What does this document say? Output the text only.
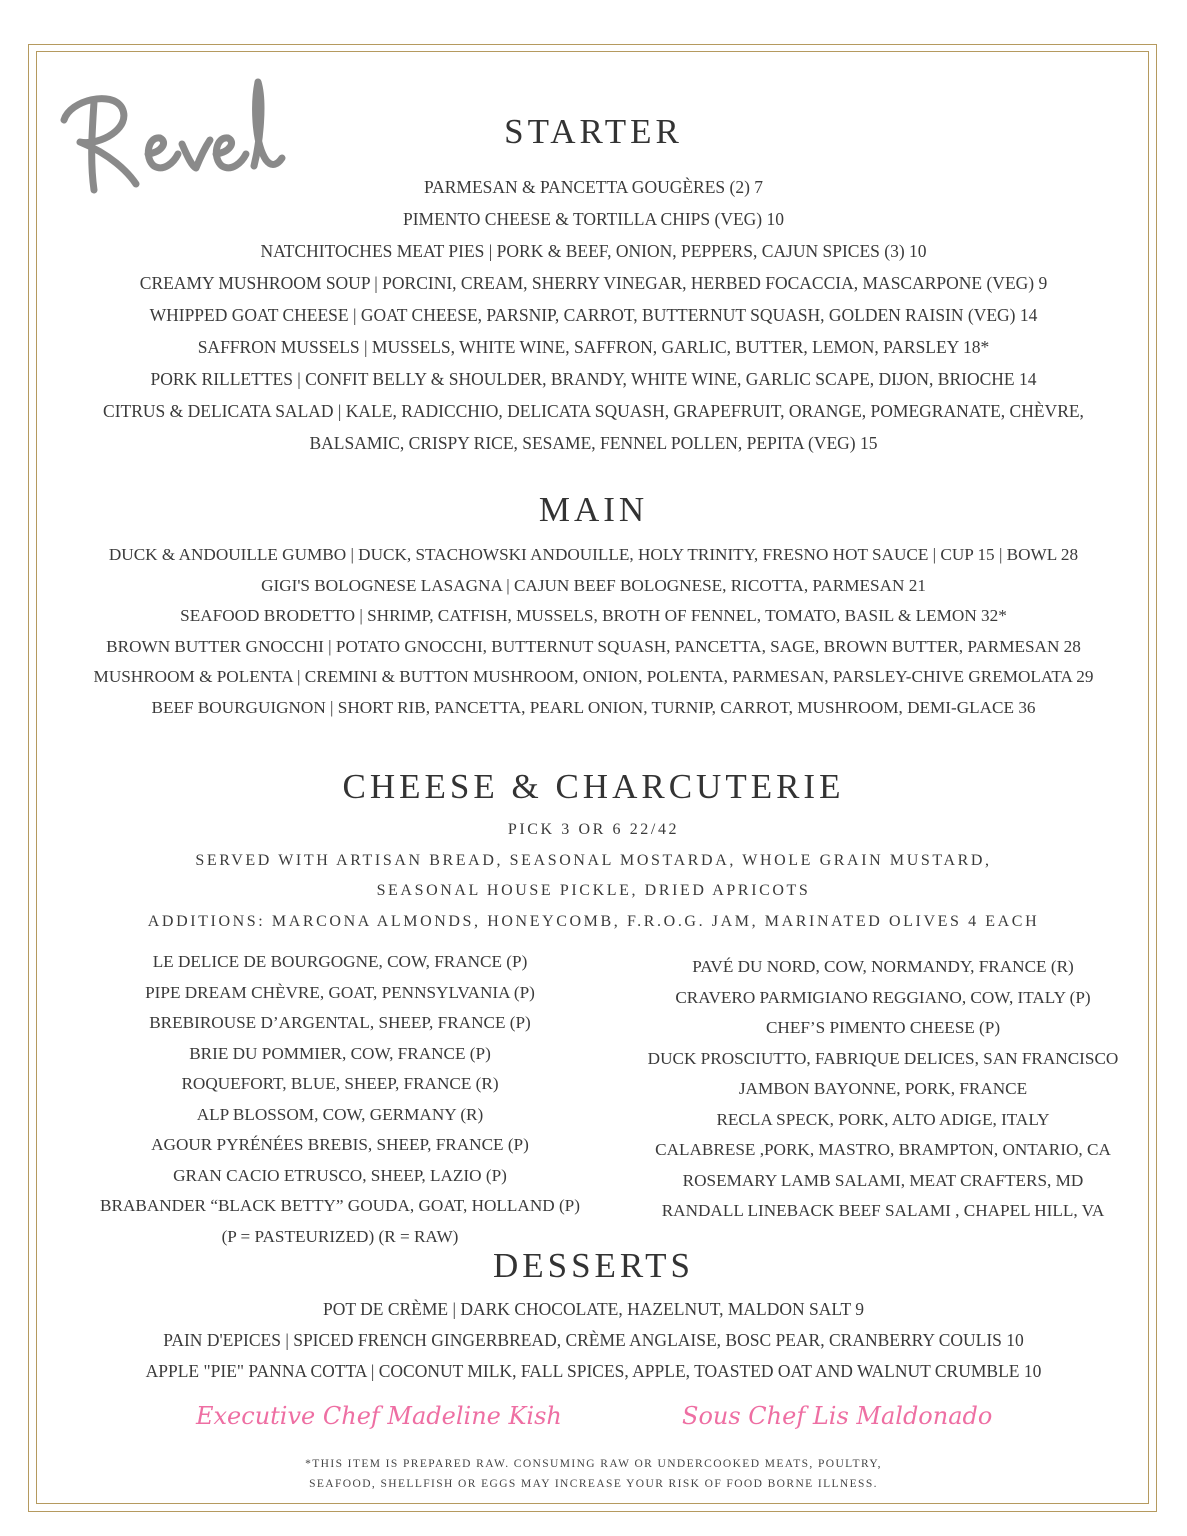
STARTER
PARMESAN & PANCETTA GOUGÈRES (2) 7
PIMENTO CHEESE & TORTILLA CHIPS (VEG) 10
NATCHITOCHES MEAT PIES | PORK & BEEF, ONION, PEPPERS, CAJUN SPICES (3) 10
CREAMY MUSHROOM SOUP | PORCINI, CREAM, SHERRY VINEGAR, HERBED FOCACCIA, MASCARPONE (VEG) 9
WHIPPED GOAT CHEESE | GOAT CHEESE, PARSNIP, CARROT, BUTTERNUT SQUASH, GOLDEN RAISIN (VEG) 14
SAFFRON MUSSELS | MUSSELS, WHITE WINE, SAFFRON, GARLIC, BUTTER, LEMON, PARSLEY 18*
PORK RILLETTES | CONFIT BELLY & SHOULDER, BRANDY, WHITE WINE, GARLIC SCAPE, DIJON, BRIOCHE 14
CITRUS & DELICATA SALAD | KALE, RADICCHIO, DELICATA SQUASH, GRAPEFRUIT, ORANGE, POMEGRANATE, CHÈVRE,
BALSAMIC, CRISPY RICE, SESAME, FENNEL POLLEN, PEPITA (VEG) 15
MAIN
DUCK & ANDOUILLE GUMBO | DUCK, STACHOWSKI ANDOUILLE, HOLY TRINITY, FRESNO HOT SAUCE | CUP 15 | BOWL 28
GIGI'S BOLOGNESE LASAGNA | CAJUN BEEF BOLOGNESE, RICOTTA, PARMESAN 21
SEAFOOD BRODETTO | SHRIMP, CATFISH, MUSSELS, BROTH OF FENNEL, TOMATO, BASIL & LEMON 32*
BROWN BUTTER GNOCCHI | POTATO GNOCCHI, BUTTERNUT SQUASH, PANCETTA, SAGE, BROWN BUTTER, PARMESAN 28
MUSHROOM & POLENTA | CREMINI & BUTTON MUSHROOM, ONION, POLENTA, PARMESAN, PARSLEY-CHIVE GREMOLATA 29
BEEF BOURGUIGNON | SHORT RIB, PANCETTA, PEARL ONION, TURNIP, CARROT, MUSHROOM, DEMI-GLACE 36
CHEESE & CHARCUTERIE
PICK 3 OR 6 22/42
SERVED WITH ARTISAN BREAD, SEASONAL MOSTARDA, WHOLE GRAIN MUSTARD,
SEASONAL HOUSE PICKLE, DRIED APRICOTS
ADDITIONS: MARCONA ALMONDS, HONEYCOMB, F.R.O.G. JAM, MARINATED OLIVES 4 EACH
LE DELICE DE BOURGOGNE, COW, FRANCE (P)
PIPE DREAM CHÈVRE, GOAT, PENNSYLVANIA (P)
BREBIROUSE D’ARGENTAL, SHEEP, FRANCE (P)
BRIE DU POMMIER, COW, FRANCE (P)
ROQUEFORT, BLUE, SHEEP, FRANCE (R)
ALP BLOSSOM, COW, GERMANY (R)
AGOUR PYRÉNÉES BREBIS, SHEEP, FRANCE (P)
GRAN CACIO ETRUSCO, SHEEP, LAZIO (P)
BRABANDER “BLACK BETTY” GOUDA, GOAT, HOLLAND (P)
(P = PASTEURIZED) (R = RAW)
PAVÉ DU NORD, COW, NORMANDY, FRANCE (R)
CRAVERO PARMIGIANO REGGIANO, COW, ITALY (P)
CHEF’S PIMENTO CHEESE (P)
DUCK PROSCIUTTO, FABRIQUE DELICES, SAN FRANCISCO
JAMBON BAYONNE, PORK, FRANCE
RECLA SPECK, PORK, ALTO ADIGE, ITALY
CALABRESE ,PORK, MASTRO, BRAMPTON, ONTARIO, CA
ROSEMARY LAMB SALAMI, MEAT CRAFTERS, MD
RANDALL LINEBACK BEEF SALAMI , CHAPEL HILL, VA
DESSERTS
POT DE CRÈME | DARK CHOCOLATE, HAZELNUT, MALDON SALT 9
PAIN D'EPICES | SPICED FRENCH GINGERBREAD, CRÈME ANGLAISE, BOSC PEAR, CRANBERRY COULIS 10
APPLE "PIE" PANNA COTTA | COCONUT MILK, FALL SPICES, APPLE, TOASTED OAT AND WALNUT CRUMBLE 10
Executive Chef Madeline Kish	Sous Chef Lis Maldonado
*THIS ITEM IS PREPARED RAW. CONSUMING RAW OR UNDERCOOKED MEATS, POULTRY,
SEAFOOD, SHELLFISH OR EGGS MAY INCREASE YOUR RISK OF FOOD BORNE ILLNESS.
